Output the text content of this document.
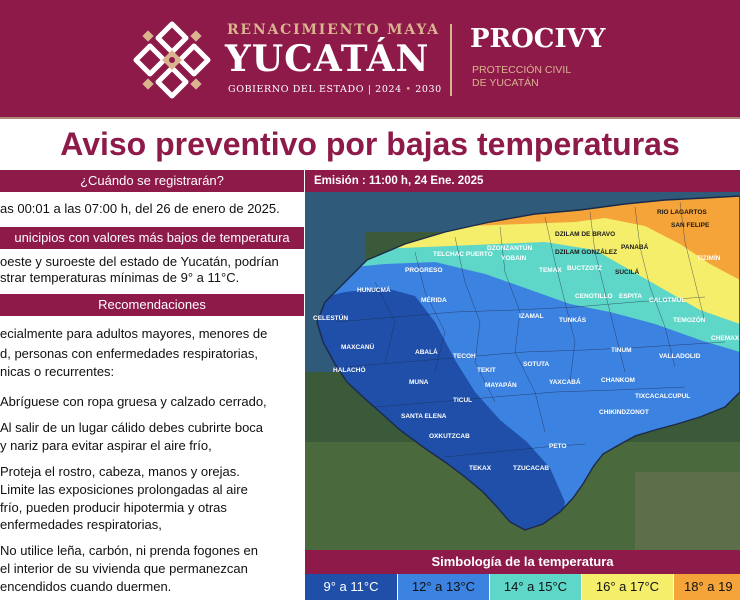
RENACIMIENTO MAYA
YUCATÁN
GOBIERNO DEL ESTADO | 2024 • 2030
PROCIVY
PROTECCIÓN CIVIL
DE YUCATÁN
Aviso preventivo por bajas temperaturas
¿Cuándo se registrarán?
as 00:01 a las 07:00 h, del 26 de enero de 2025.
unicipios con valores más bajos de temperatura
oeste y suroeste del estado de Yucatán, podrían
strar temperaturas mínimas de 9° a 11°C.
Recomendaciones
ecialmente para adultos mayores, menores de
d, personas con enfermedades respiratorias,
nicas o recurrentes:
Abríguese con ropa gruesa y calzado cerrado,
Al salir de un lugar cálido debes cubrirte boca
y nariz para evitar aspirar el aire frío,
Proteja el rostro, cabeza, manos y orejas.
Limite las exposiciones prolongadas al aire
frío, pueden producir hipotermia y otras
enfermedades respiratorias,
No utilice leña, carbón, ni prenda fogones en
el interior de su vivienda que permanezcan
encendidos cuando duermen.
Emisión : 11:00 h, 24 Ene. 2025
RIO LAGARTOS
SAN FELIPE
DZILAM DE BRAVO
DZILAM GONZÁLEZ
PANABÁ
TIZIMÍN
TELCHAC PUERTO
DZONZANTÚN
YOBAIN
TEMAX BUCTZOTZ
SUCILÁ
PROGRESO
CENOTILLO ESPITA
CALOTMUL
HUNUCMÁ
CELESTÚN
MÉRIDA
IZAMAL
TUNKÁS	TEMOZÓN
CHEMAX
MAXCANÚ
ABALÁ
TECOH
SOTUTA
TINUM
VALLADOLID
HALACHÓ
MUNA
TEKIT
MAYAPÁN	YAXCABÁ	CHANKOM
SANTA ELENA
TICUL
TIXCACALCUPUL
CHIKINDZONOT
OXKUTZCAB
TEKAX
PETO
TZUCACAB
Simbología de la temperatura
9° a 11°C	12° a 13°C	14° a 15°C	16° a 17°C	18° a 19
